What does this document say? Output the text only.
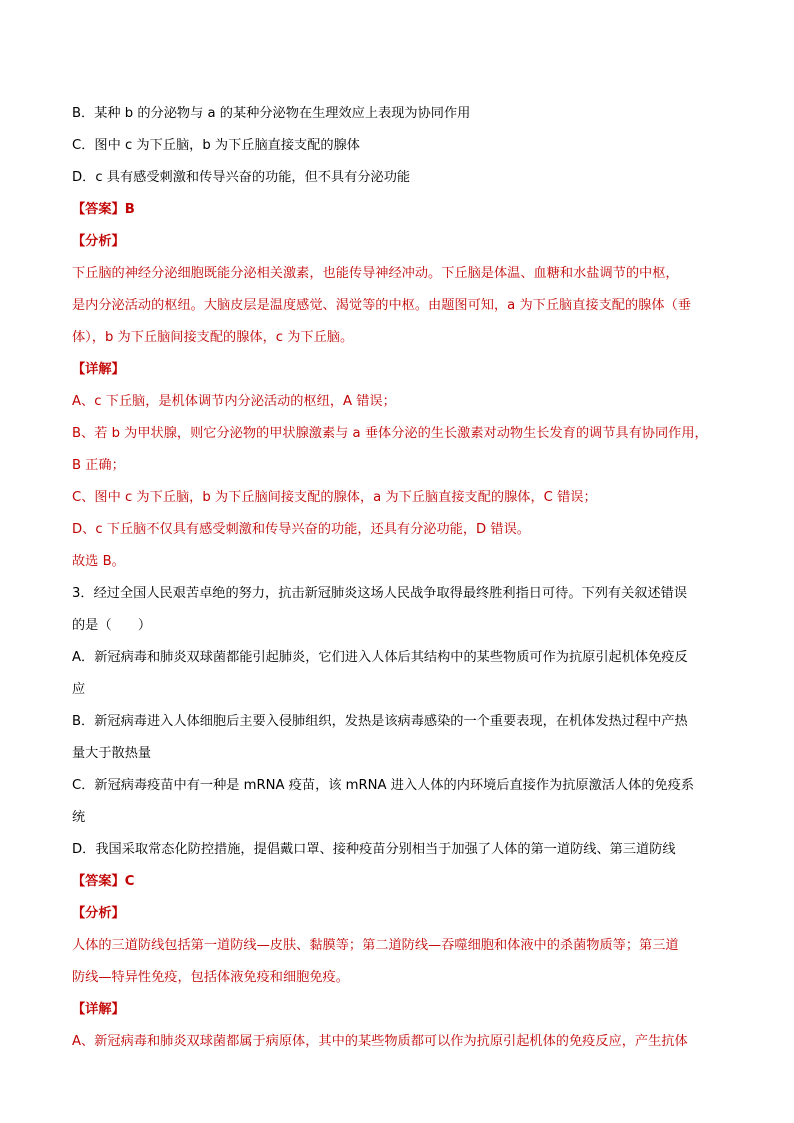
B．某种 b 的分泌物与 a 的某种分泌物在生理效应上表现为协同作用
C．图中 c 为下丘脑，b 为下丘脑直接支配的腺体
D．c 具有感受刺激和传导兴奋的功能，但不具有分泌功能
【答案】B
【分析】
下丘脑的神经分泌细胞既能分泌相关激素，也能传导神经冲动。下丘脑是体温、血糖和水盐调节的中枢，
是内分泌活动的枢纽。大脑皮层是温度感觉、渴觉等的中枢。由题图可知，a 为下丘脑直接支配的腺体（垂
体），b 为下丘脑间接支配的腺体，c 为下丘脑。
【详解】
A、c 下丘脑，是机体调节内分泌活动的枢纽，A 错误；
B、若 b 为甲状腺，则它分泌物的甲状腺激素与 a 垂体分泌的生长激素对动物生长发育的调节具有协同作用，
B 正确；
C、图中 c 为下丘脑，b 为下丘脑间接支配的腺体，a 为下丘脑直接支配的腺体，C 错误；
D、c 下丘脑不仅具有感受刺激和传导兴奋的功能，还具有分泌功能，D 错误。
故选 B。
3．经过全国人民艰苦卓绝的努力，抗击新冠肺炎这场人民战争取得最终胜利指日可待。下列有关叙述错误
的是（　　）
A．新冠病毒和肺炎双球菌都能引起肺炎，它们进入人体后其结构中的某些物质可作为抗原引起机体免疫反
应
B．新冠病毒进入人体细胞后主要入侵肺组织，发热是该病毒感染的一个重要表现，在机体发热过程中产热
量大于散热量
C．新冠病毒疫苗中有一种是 mRNA 疫苗，该 mRNA 进入人体的内环境后直接作为抗原激活人体的免疫系
统
D．我国采取常态化防控措施，提倡戴口罩、接种疫苗分别相当于加强了人体的第一道防线、第三道防线
【答案】C
【分析】
人体的三道防线包括第一道防线—皮肤、黏膜等；第二道防线—吞噬细胞和体液中的杀菌物质等；第三道
防线—特异性免疫，包括体液免疫和细胞免疫。
【详解】
A、新冠病毒和肺炎双球菌都属于病原体，其中的某些物质都可以作为抗原引起机体的免疫反应，产生抗体
